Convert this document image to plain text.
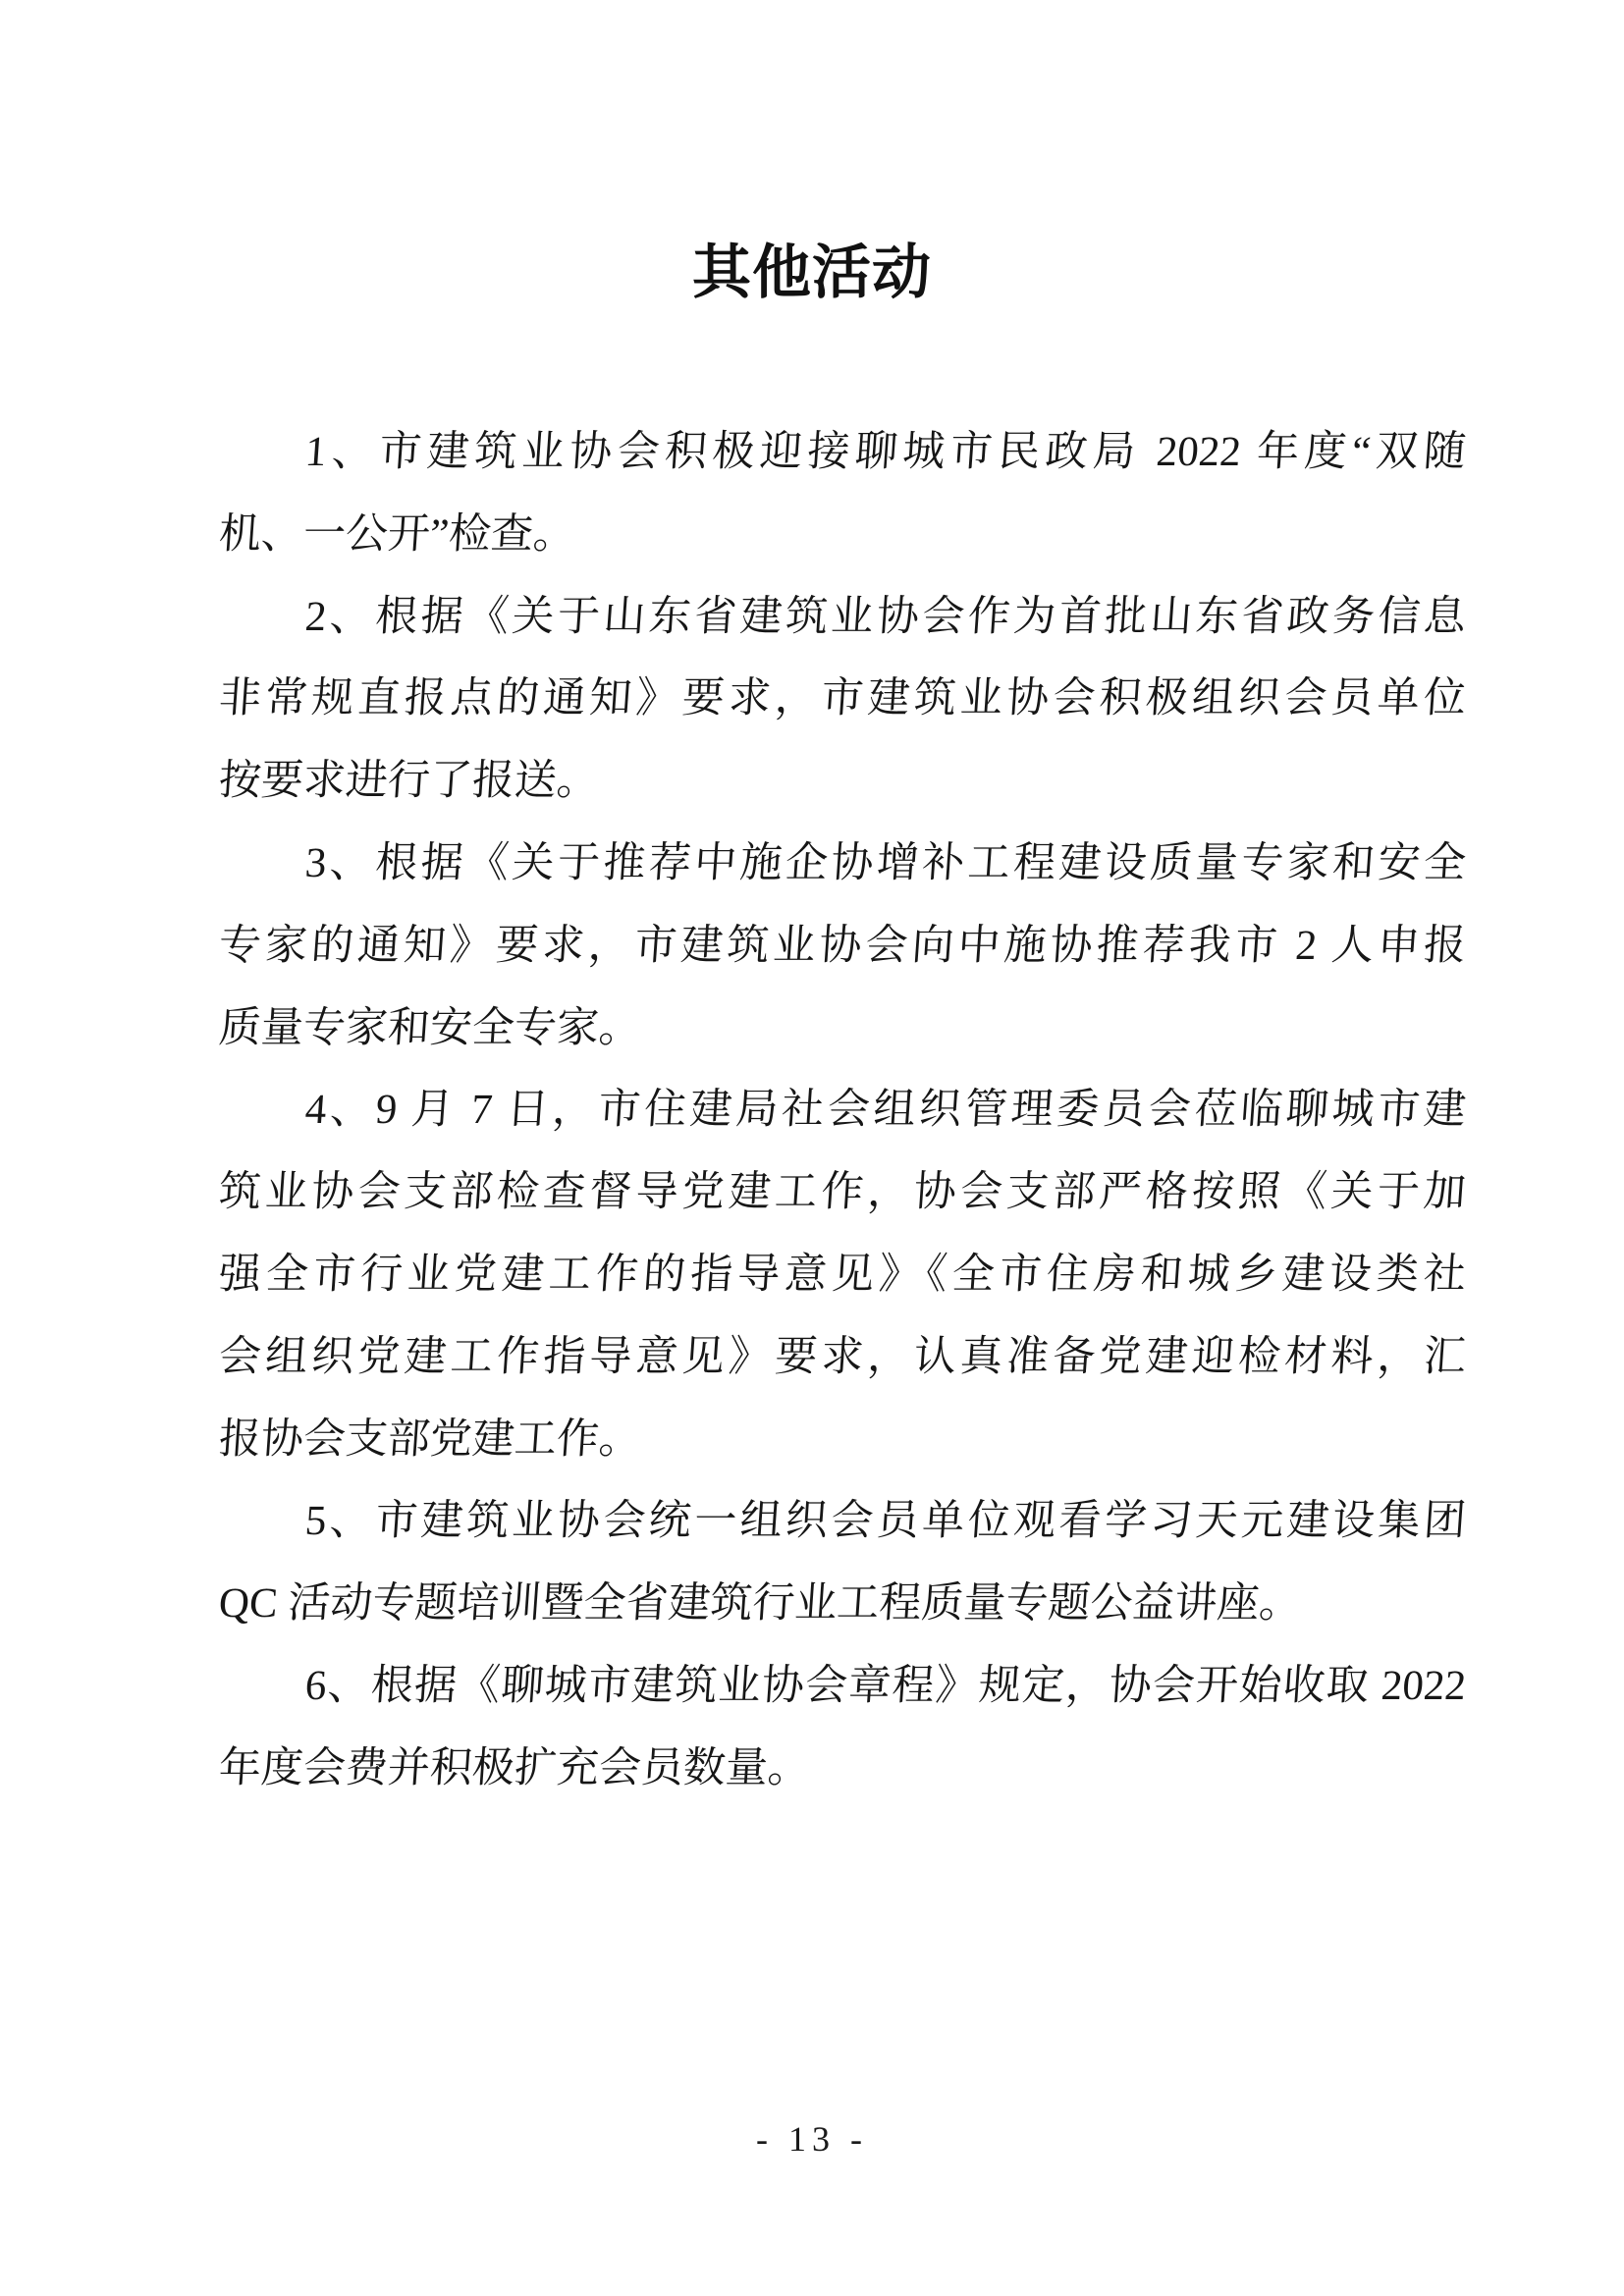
其他活动
1、市建筑业协会积极迎接聊城市民政局 2022 年度“双随
机、一公开”检查。
2、根据《关于山东省建筑业协会作为首批山东省政务信息
非常规直报点的通知》要求，市建筑业协会积极组织会员单位
按要求进行了报送。
3、根据《关于推荐中施企协增补工程建设质量专家和安全
专家的通知》要求，市建筑业协会向中施协推荐我市 2 人申报
质量专家和安全专家。
4、9 月 7 日，市住建局社会组织管理委员会莅临聊城市建
筑业协会支部检查督导党建工作，协会支部严格按照《关于加
强全市行业党建工作的指导意见》《全市住房和城乡建设类社
会组织党建工作指导意见》要求，认真准备党建迎检材料，汇
报协会支部党建工作。
5、市建筑业协会统一组织会员单位观看学习天元建设集团
QC 活动专题培训暨全省建筑行业工程质量专题公益讲座。
6、根据《聊城市建筑业协会章程》规定，协会开始收取 2022
年度会费并积极扩充会员数量。
- 13 -
